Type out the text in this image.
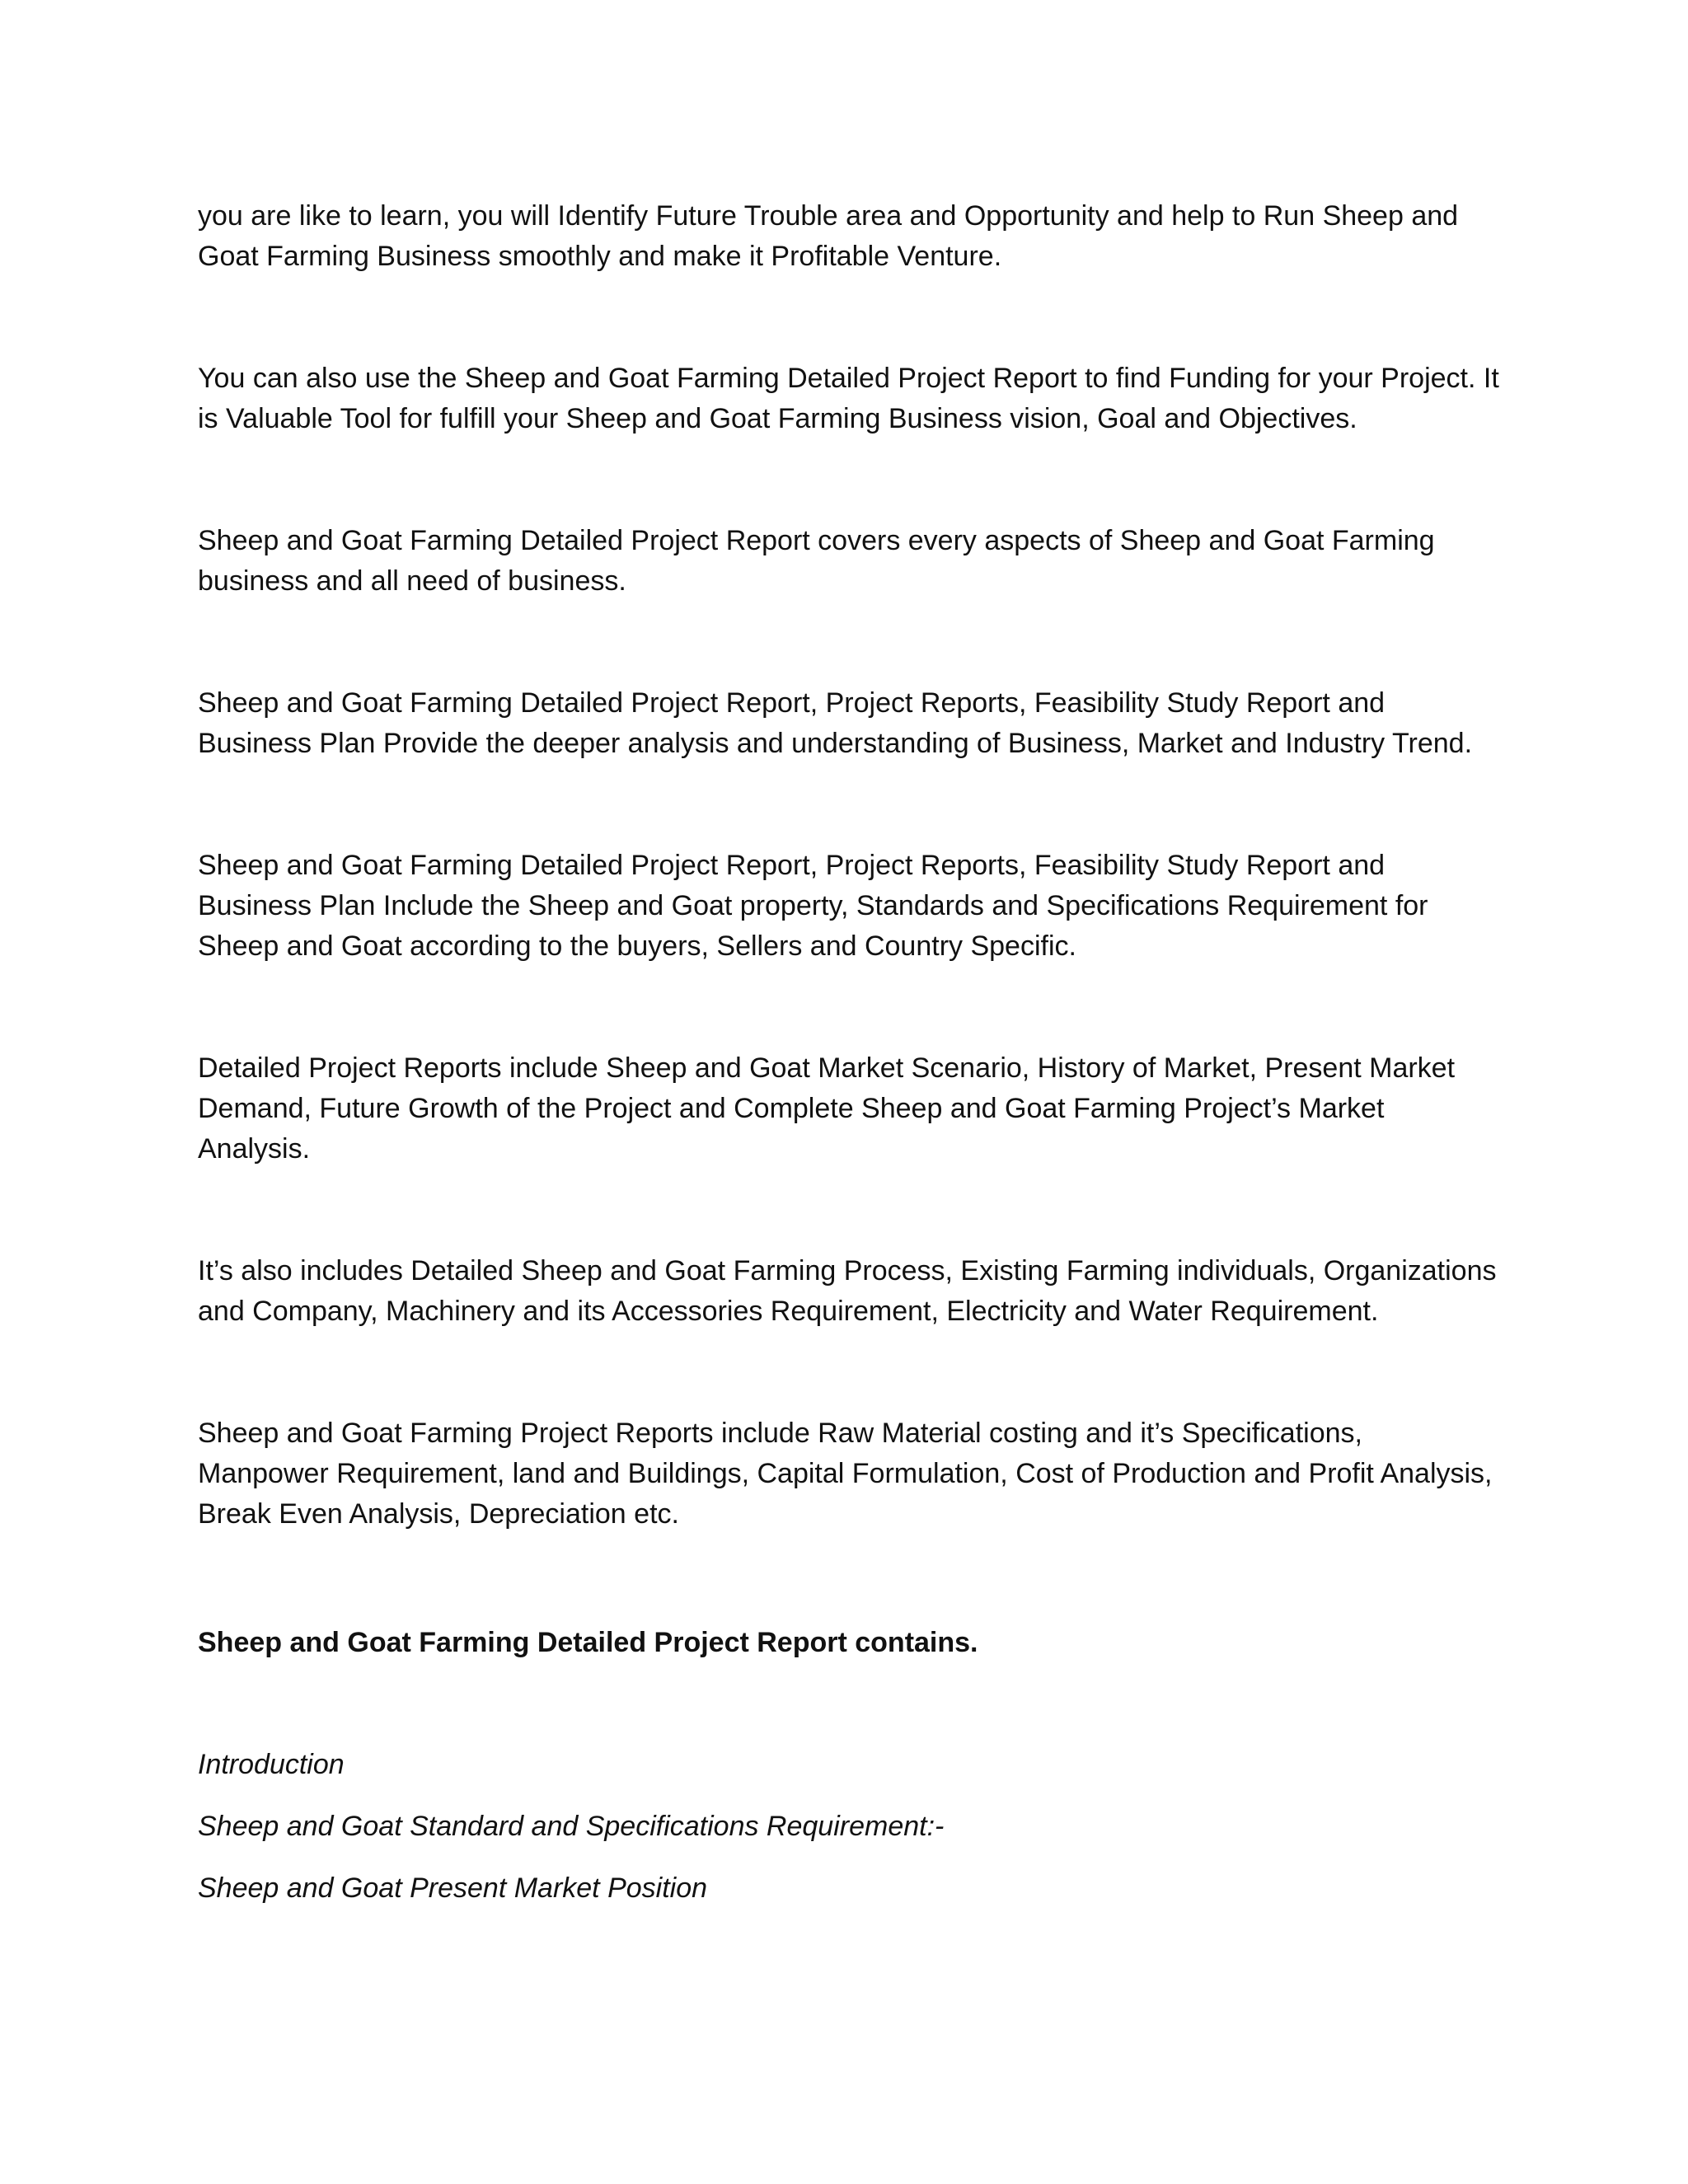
you are like to learn, you will Identify Future Trouble area and Opportunity and help to Run Sheep and Goat Farming Business smoothly and make it Profitable Venture.

You can also use the Sheep and Goat Farming Detailed Project Report to find Funding for your Project. It is Valuable Tool for fulfill your Sheep and Goat Farming Business vision, Goal and Objectives.

Sheep and Goat Farming Detailed Project Report covers every aspects of Sheep and Goat Farming business and all need of business.

Sheep and Goat Farming Detailed Project Report, Project Reports, Feasibility Study Report and Business Plan Provide the deeper analysis and understanding of Business, Market and Industry Trend.

Sheep and Goat Farming Detailed Project Report, Project Reports, Feasibility Study Report and Business Plan Include the Sheep and Goat property, Standards and Specifications Requirement for Sheep and Goat according to the buyers, Sellers and Country Specific.

Detailed Project Reports include Sheep and Goat Market Scenario, History of Market, Present Market Demand, Future Growth of the Project and Complete Sheep and Goat Farming Project’s Market Analysis.

It’s also includes Detailed Sheep and Goat Farming Process, Existing Farming individuals, Organizations and Company, Machinery and its Accessories Requirement, Electricity and Water Requirement.

Sheep and Goat Farming Project Reports include Raw Material costing and it’s Specifications, Manpower Requirement, land and Buildings, Capital Formulation, Cost of Production and Profit Analysis, Break Even Analysis, Depreciation etc.

Sheep and Goat Farming Detailed Project Report contains.

Introduction

Sheep and Goat Standard and Specifications Requirement:-

Sheep and Goat Present Market Position
